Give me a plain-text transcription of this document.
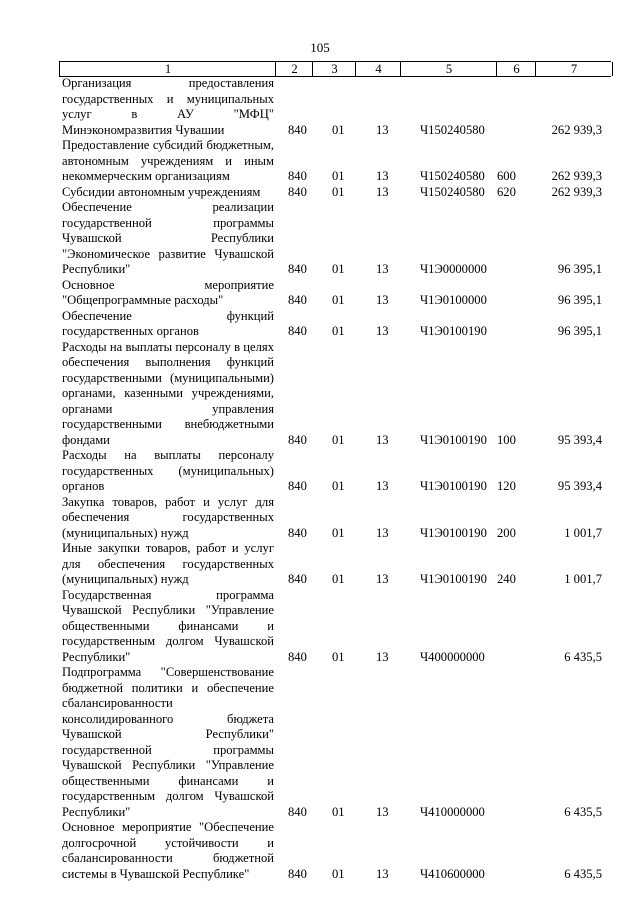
105
1	2	3	4	5	6	7
Организация предоставления государственных и муниципальных услуг в АУ "МФЦ" Минэкономразвития Чувашии	840 01 13 Ч150240580	262 939,3
Предоставление субсидий бюджетным, автономным учреждениям и иным некоммерческим организациям	840 01 13 Ч150240580 600	262 939,3
Субсидии автономным учреждениям	840 01 13 Ч150240580 620	262 939,3
Обеспечение реализации государственной программы Чувашской Республики "Экономическое развитие Чувашской Республики"	840 01 13 Ч1Э0000000	96 395,1
Основное мероприятие "Общепрограммные расходы"	840 01 13 Ч1Э0100000	96 395,1
Обеспечение функций государственных органов	840 01 13 Ч1Э0100190	96 395,1
Расходы на выплаты персоналу в целях обеспечения выполнения функций государственными (муниципальными) органами, казенными учреждениями, органами управления государственными внебюджетными фондами	840 01 13 Ч1Э0100190 100	95 393,4
Расходы на выплаты персоналу государственных (муниципальных) органов	840 01 13 Ч1Э0100190 120	95 393,4
Закупка товаров, работ и услуг для обеспечения государственных (муниципальных) нужд	840 01 13 Ч1Э0100190 200	1 001,7
Иные закупки товаров, работ и услуг для обеспечения государственных (муниципальных) нужд	840 01 13 Ч1Э0100190 240	1 001,7
Государственная программа Чувашской Республики "Управление общественными финансами и государственным долгом Чувашской Республики"	840 01 13 Ч400000000	6 435,5
Подпрограмма "Совершенствование бюджетной политики и обеспечение сбалансированности консолидированного бюджета Чувашской Республики" государственной программы Чувашской Республики "Управление общественными финансами и государственным долгом Чувашской Республики"	840 01 13 Ч410000000	6 435,5
Основное мероприятие "Обеспечение долгосрочной устойчивости и сбалансированности бюджетной системы в Чувашской Республике"	840 01 13 Ч410600000	6 435,5
